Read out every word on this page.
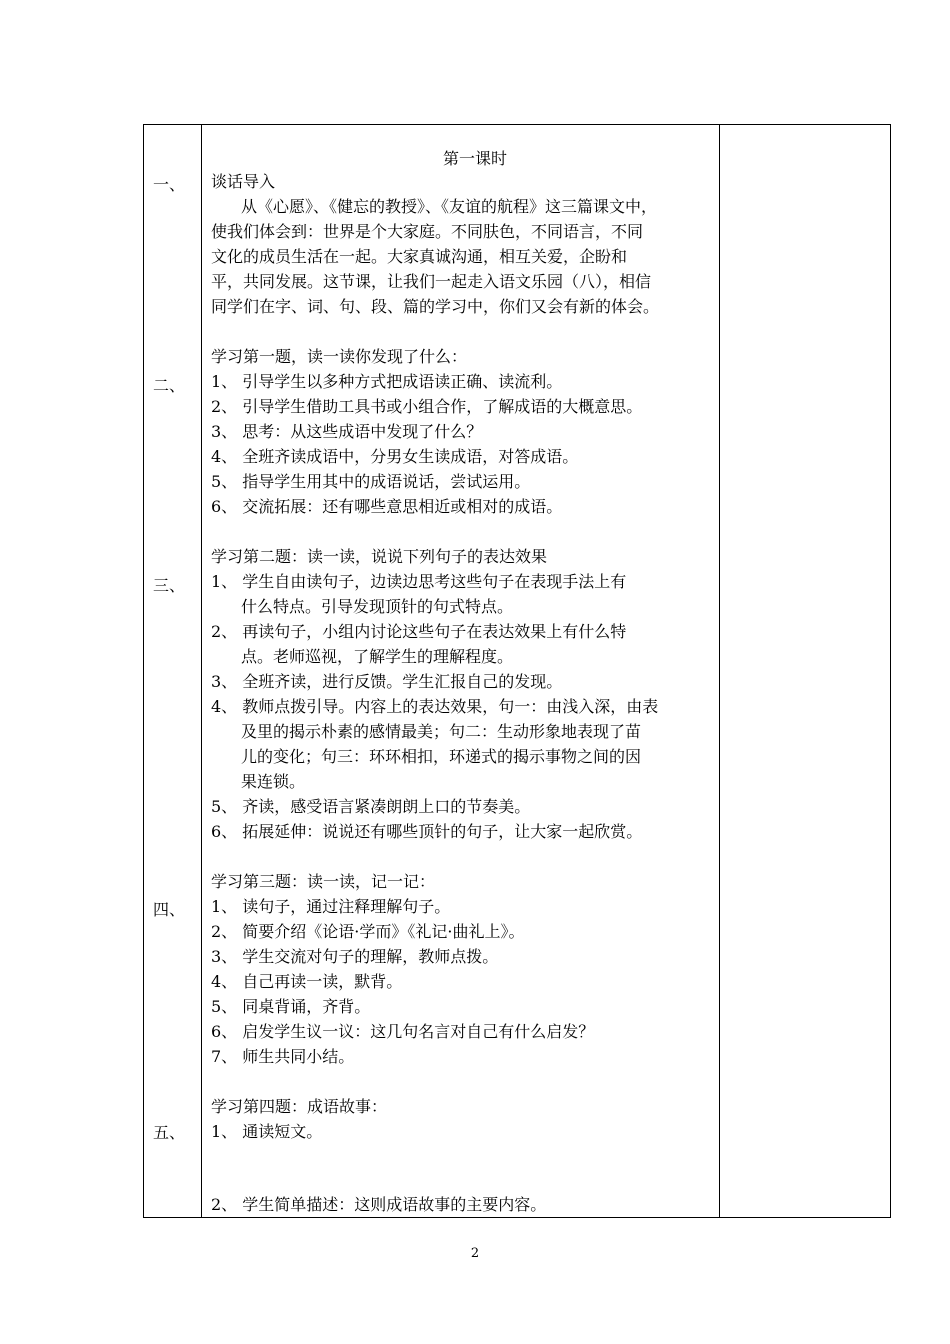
第一课时
一、
二、
三、
四、
五、
谈话导入
从《心愿》、《健忘的教授》、《友谊的航程》这三篇课文中，
使我们体会到：世界是个大家庭。不同肤色，不同语言，不同
文化的成员生活在一起。大家真诚沟通，相互关爱，企盼和
平，共同发展。这节课，让我们一起走入语文乐园（八），相信
同学们在字、词、句、段、篇的学习中，你们又会有新的体会。
学习第一题，读一读你发现了什么：
1、 引导学生以多种方式把成语读正确、读流利。
2、 引导学生借助工具书或小组合作，了解成语的大概意思。
3、 思考：从这些成语中发现了什么？
4、 全班齐读成语中，分男女生读成语，对答成语。
5、 指导学生用其中的成语说话，尝试运用。
6、 交流拓展：还有哪些意思相近或相对的成语。
学习第二题：读一读，说说下列句子的表达效果
1、 学生自由读句子，边读边思考这些句子在表现手法上有
什么特点。引导发现顶针的句式特点。
2、 再读句子，小组内讨论这些句子在表达效果上有什么特
点。老师巡视，了解学生的理解程度。
3、 全班齐读，进行反馈。学生汇报自己的发现。
4、 教师点拨引导。内容上的表达效果，句一：由浅入深，由表
及里的揭示朴素的感情最美；句二：生动形象地表现了苗
儿的变化；句三：环环相扣，环递式的揭示事物之间的因
果连锁。
5、 齐读，感受语言紧凑朗朗上口的节奏美。
6、 拓展延伸：说说还有哪些顶针的句子，让大家一起欣赏。
学习第三题：读一读，记一记：
1、 读句子，通过注释理解句子。
2、 简要介绍《论语·学而》《礼记·曲礼上》。
3、 学生交流对句子的理解，教师点拨。
4、 自己再读一读，默背。
5、 同桌背诵，齐背。
6、 启发学生议一议：这几句名言对自己有什么启发？
7、 师生共同小结。
学习第四题：成语故事：
1、 通读短文。
2、 学生简单描述：这则成语故事的主要内容。
2
